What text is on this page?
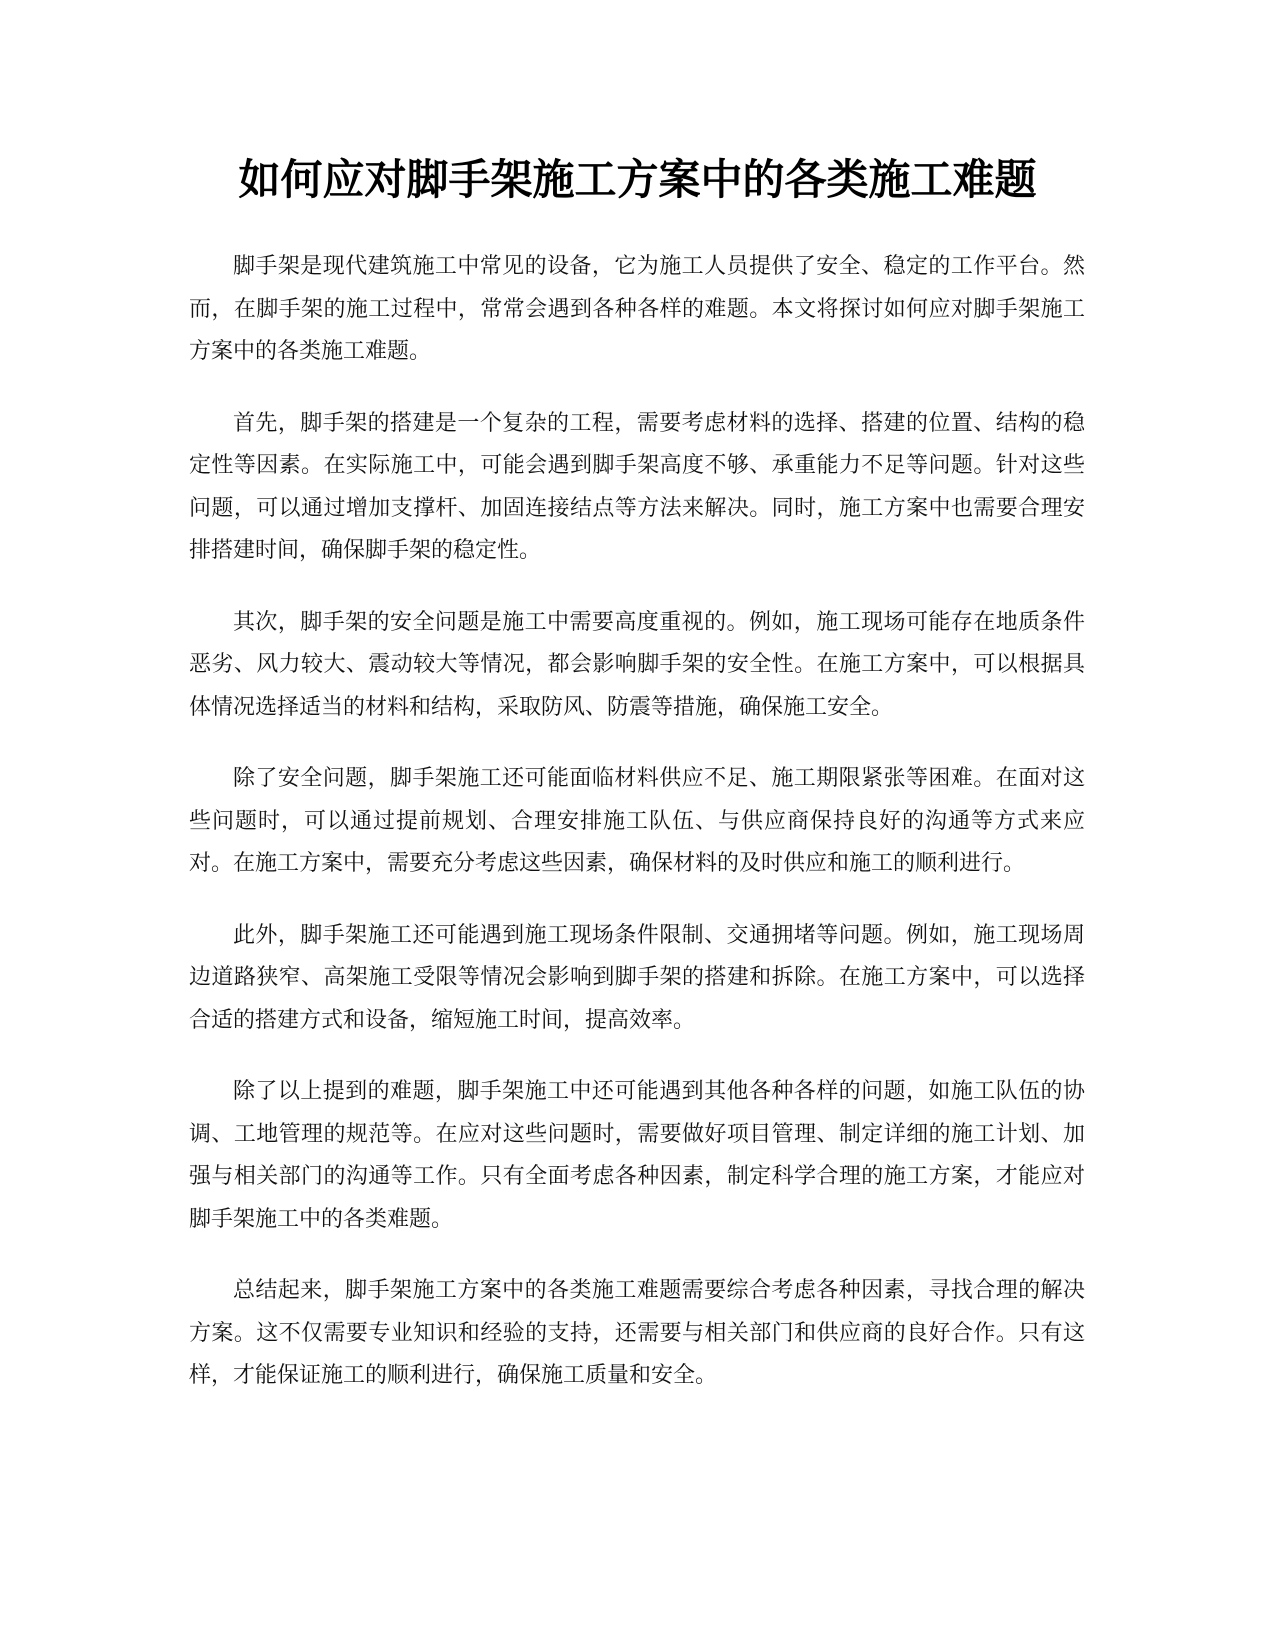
如何应对脚手架施工方案中的各类施工难题

脚手架是现代建筑施工中常见的设备，它为施工人员提供了安全、稳定的工作平台。然而，在脚手架的施工过程中，常常会遇到各种各样的难题。本文将探讨如何应对脚手架施工方案中的各类施工难题。

首先，脚手架的搭建是一个复杂的工程，需要考虑材料的选择、搭建的位置、结构的稳定性等因素。在实际施工中，可能会遇到脚手架高度不够、承重能力不足等问题。针对这些问题，可以通过增加支撑杆、加固连接结点等方法来解决。同时，施工方案中也需要合理安排搭建时间，确保脚手架的稳定性。

其次，脚手架的安全问题是施工中需要高度重视的。例如，施工现场可能存在地质条件恶劣、风力较大、震动较大等情况，都会影响脚手架的安全性。在施工方案中，可以根据具体情况选择适当的材料和结构，采取防风、防震等措施，确保施工安全。

除了安全问题，脚手架施工还可能面临材料供应不足、施工期限紧张等困难。在面对这些问题时，可以通过提前规划、合理安排施工队伍、与供应商保持良好的沟通等方式来应对。在施工方案中，需要充分考虑这些因素，确保材料的及时供应和施工的顺利进行。

此外，脚手架施工还可能遇到施工现场条件限制、交通拥堵等问题。例如，施工现场周边道路狭窄、高架施工受限等情况会影响到脚手架的搭建和拆除。在施工方案中，可以选择合适的搭建方式和设备，缩短施工时间，提高效率。

除了以上提到的难题，脚手架施工中还可能遇到其他各种各样的问题，如施工队伍的协调、工地管理的规范等。在应对这些问题时，需要做好项目管理、制定详细的施工计划、加强与相关部门的沟通等工作。只有全面考虑各种因素，制定科学合理的施工方案，才能应对脚手架施工中的各类难题。

总结起来，脚手架施工方案中的各类施工难题需要综合考虑各种因素，寻找合理的解决方案。这不仅需要专业知识和经验的支持，还需要与相关部门和供应商的良好合作。只有这样，才能保证施工的顺利进行，确保施工质量和安全。
